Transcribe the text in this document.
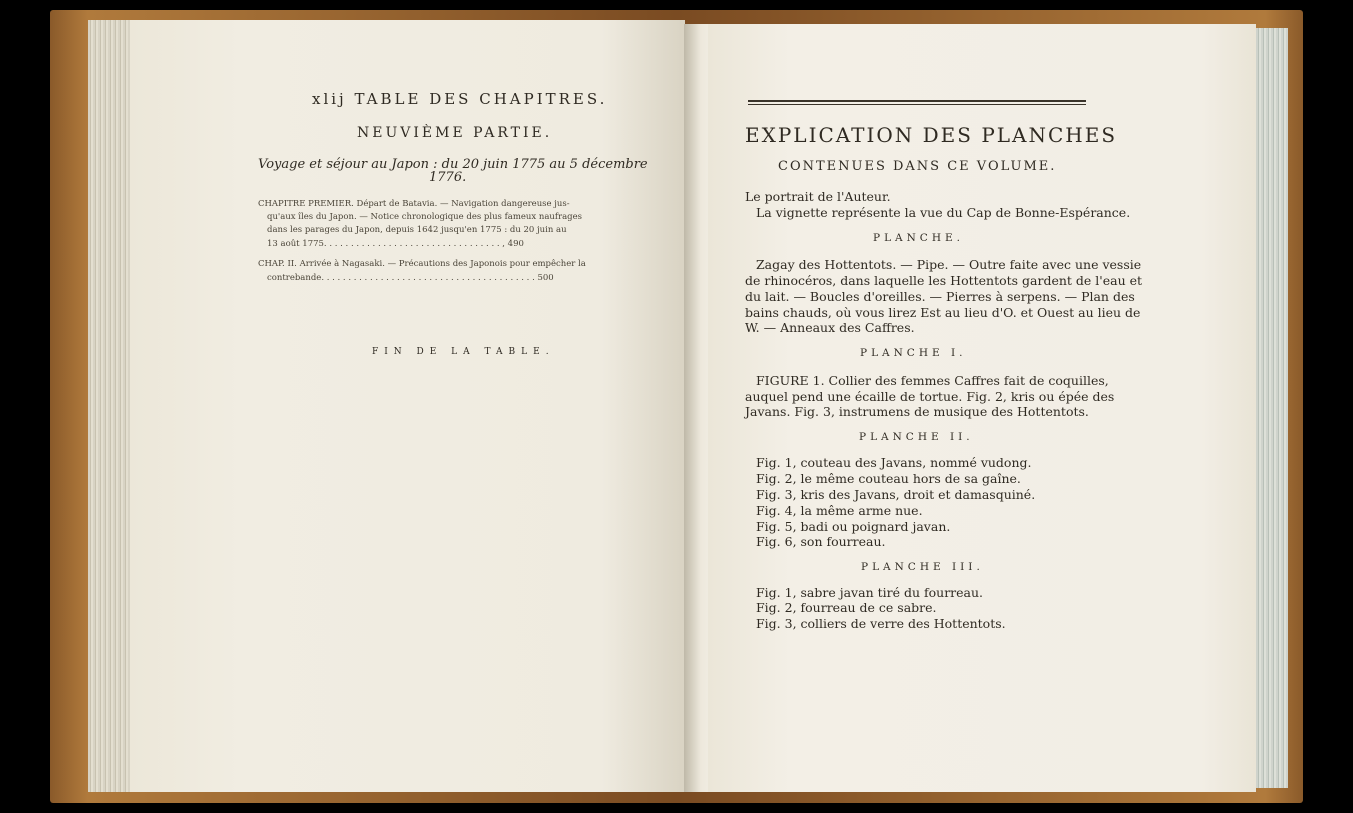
xlij TABLE DES CHAPITRES.
NEUVIÈME PARTIE.
Voyage et séjour au Japon : du 20 juin 1775 au 5 décembre
1776.
CHAPITRE PREMIER. Départ de Batavia. — Navigation dangereuse jus-
qu'aux îles du Japon. — Notice chronologique des plus fameux naufrages
dans les parages du Japon, depuis 1642 jusqu'en 1775 : du 20 juin au
13 août 1775. . . . . . . . . . . . . . . . . . . . . . . . . . . . . . . . . , 490
CHAP. II. Arrivée à Nagasaki. — Précautions des Japonois pour empêcher la
contrebande. . . . . . . . . . . . . . . . . . . . . . . . . . . . . . . . . . . . . . . . 500
FIN DE LA TABLE.
EXPLICATION DES PLANCHES
CONTENUES DANS CE VOLUME.
Le portrait de l'Auteur.
La vignette représente la vue du Cap de Bonne-Espérance.
PLANCHE.
Zagay des Hottentots. — Pipe. — Outre faite avec une vessie
de rhinocéros, dans laquelle les Hottentots gardent de l'eau et
du lait. — Boucles d'oreilles. — Pierres à serpens. — Plan des
bains chauds, où vous lirez Est au lieu d'O. et Ouest au lieu de
W. — Anneaux des Caffres.
PLANCHE I.
FIGURE 1. Collier des femmes Caffres fait de coquilles,
auquel pend une écaille de tortue. Fig. 2, kris ou épée des
Javans. Fig. 3, instrumens de musique des Hottentots.
PLANCHE II.
Fig. 1, couteau des Javans, nommé vudong.
Fig. 2, le même couteau hors de sa gaîne.
Fig. 3, kris des Javans, droit et damasquiné.
Fig. 4, la même arme nue.
Fig. 5, badi ou poignard javan.
Fig. 6, son fourreau.
PLANCHE III.
Fig. 1, sabre javan tiré du fourreau.
Fig. 2, fourreau de ce sabre.
Fig. 3, colliers de verre des Hottentots.
